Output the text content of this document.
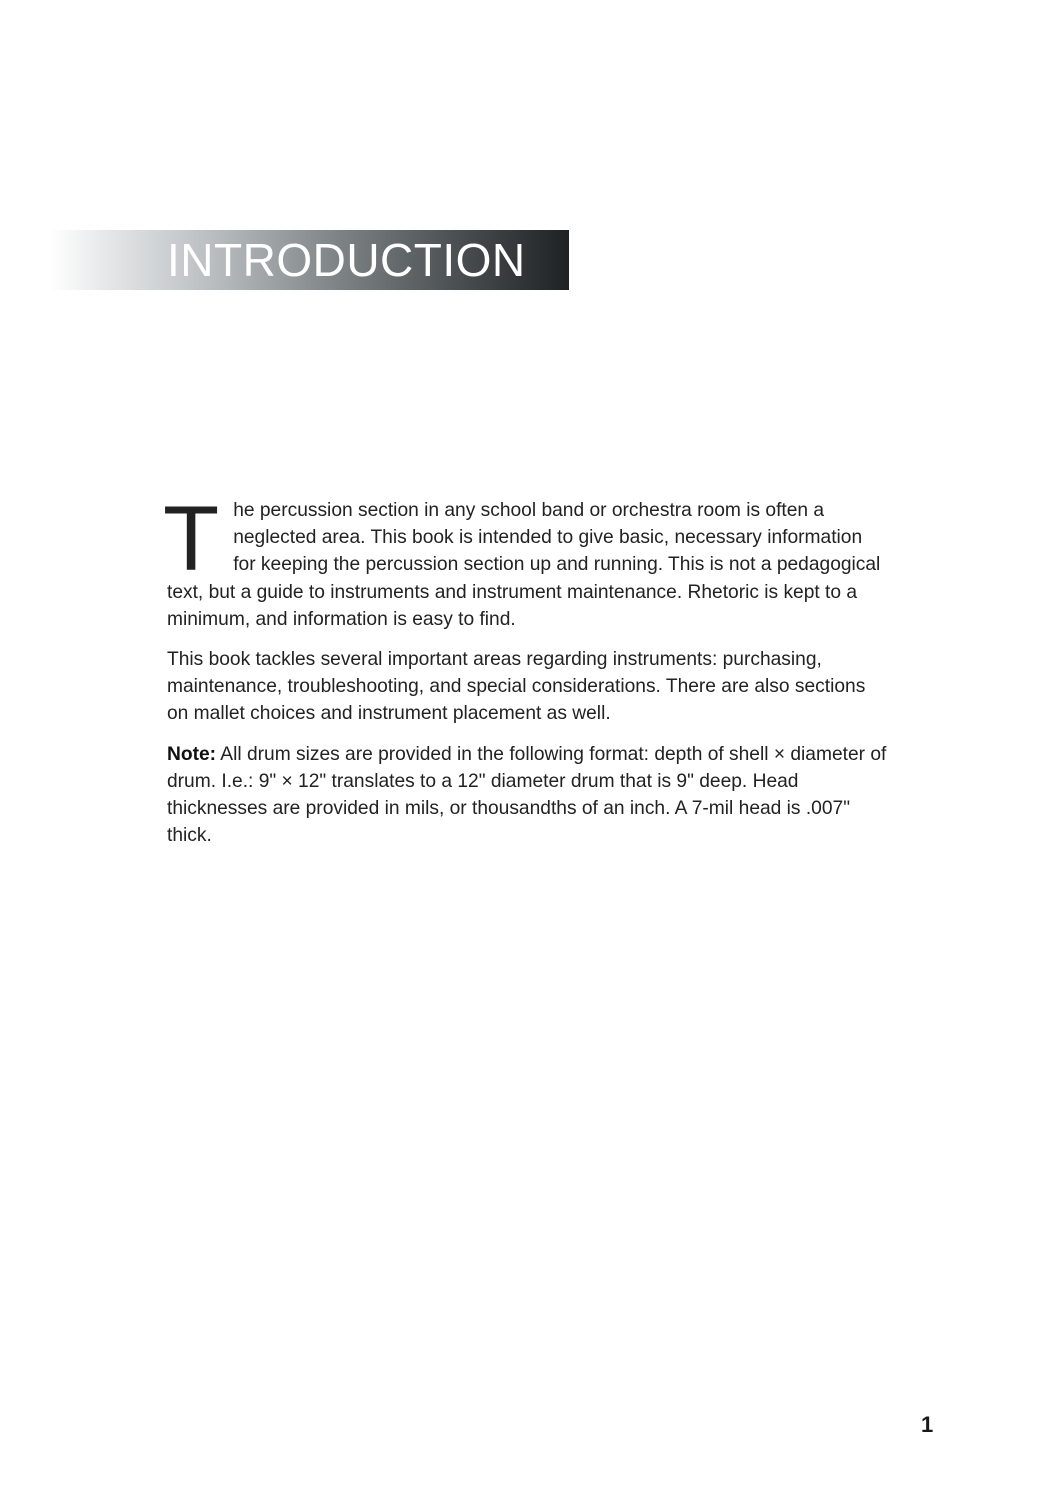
INTRODUCTION

The percussion section in any school band or orchestra room is often a neglected area. This book is intended to give basic, necessary information for keeping the percussion section up and running. This is not a pedagogical text, but a guide to instruments and instrument maintenance. Rhetoric is kept to a minimum, and information is easy to find.

This book tackles several important areas regarding instruments: purchasing, maintenance, troubleshooting, and special considerations. There are also sections on mallet choices and instrument placement as well.

Note: All drum sizes are provided in the following format: depth of shell × diameter of drum. I.e.: 9" × 12" translates to a 12" diameter drum that is 9" deep. Head thicknesses are provided in mils, or thousandths of an inch. A 7-mil head is .007" thick.

1
